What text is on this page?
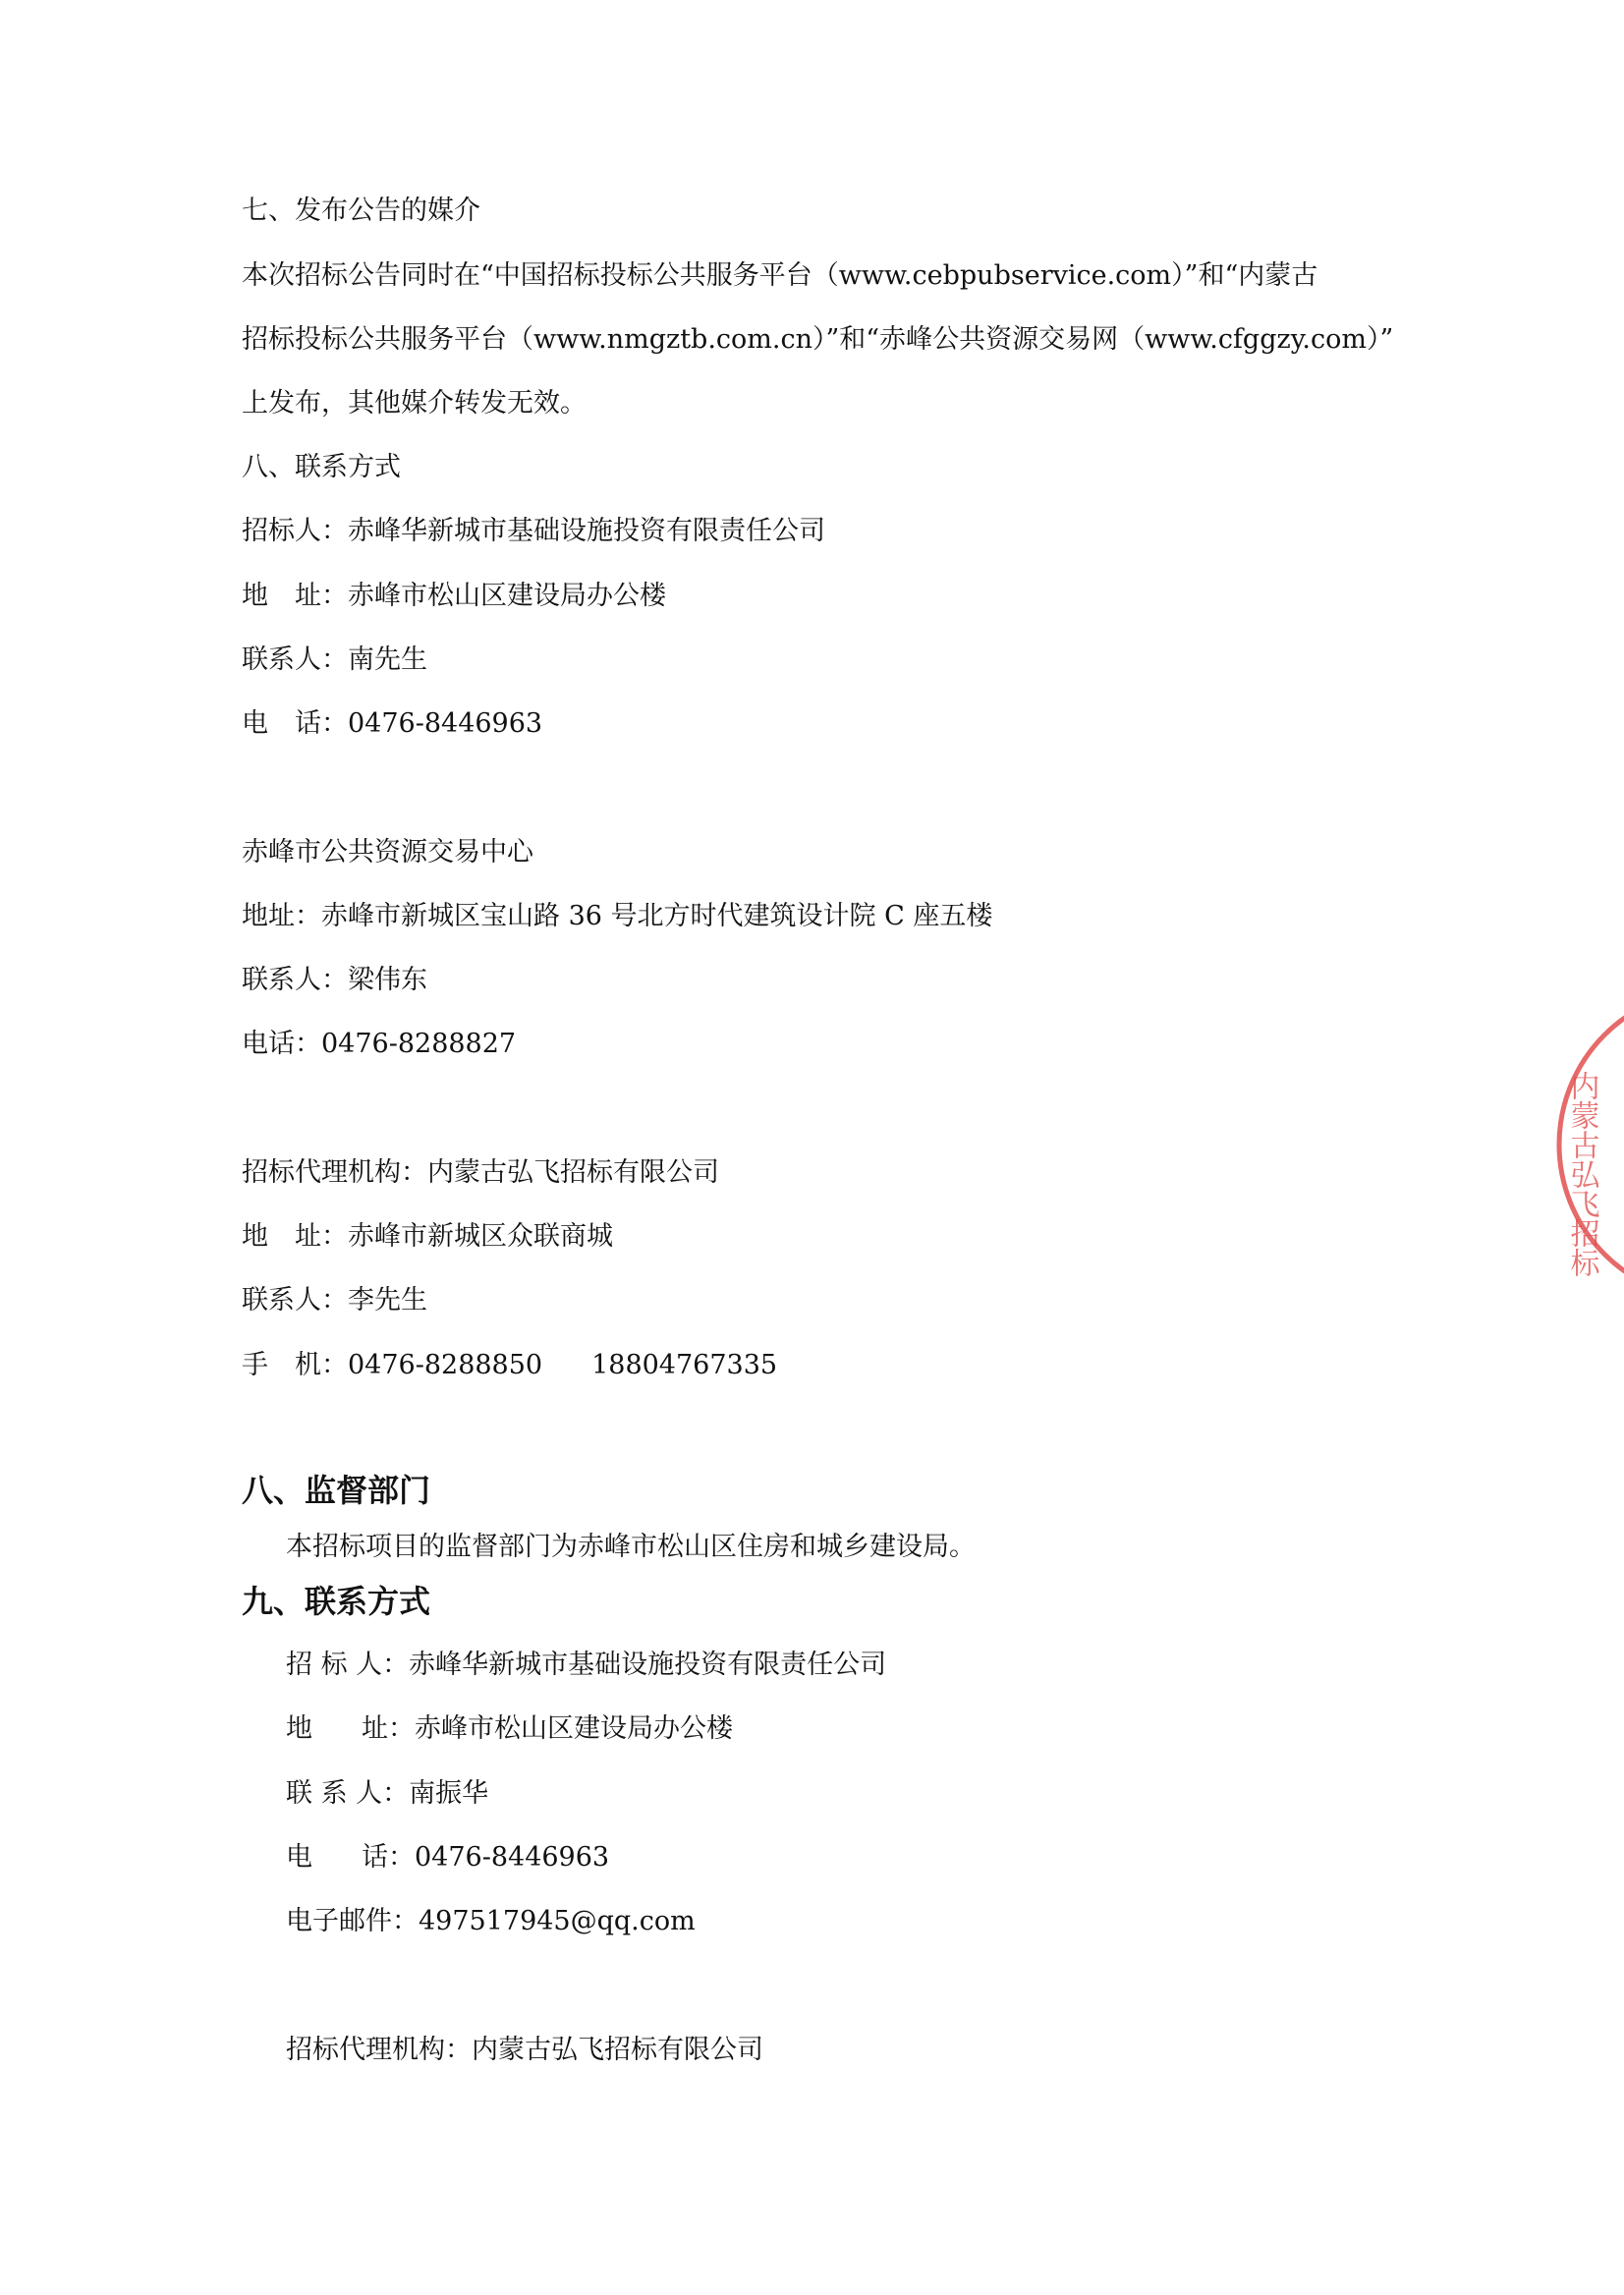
七、发布公告的媒介
本次招标公告同时在“中国招标投标公共服务平台（www.cebpubservice.com）”和“内蒙古
招标投标公共服务平台（www.nmgztb.com.cn）”和“赤峰公共资源交易网（www.cfggzy.com）”
上发布，其他媒介转发无效。
八、联系方式
招标人：赤峰华新城市基础设施投资有限责任公司
地 址：赤峰市松山区建设局办公楼
联系人：南先生
电 话：0476-8446963
赤峰市公共资源交易中心
地址：赤峰市新城区宝山路 36 号北方时代建筑设计院 C 座五楼
联系人：梁伟东
电话：0476-8288827
招标代理机构：内蒙古弘飞招标有限公司
地 址：赤峰市新城区众联商城
联系人：李先生
手 机：0476-8288850 18804767335
八、监督部门
本招标项目的监督部门为赤峰市松山区住房和城乡建设局。
九、联系方式
招 标 人：赤峰华新城市基础设施投资有限责任公司
地 址：赤峰市松山区建设局办公楼
联 系 人：南振华
电 话：0476-8446963
电子邮件：497517945@qq.com
招标代理机构：内蒙古弘飞招标有限公司
内蒙古弘飞招标
